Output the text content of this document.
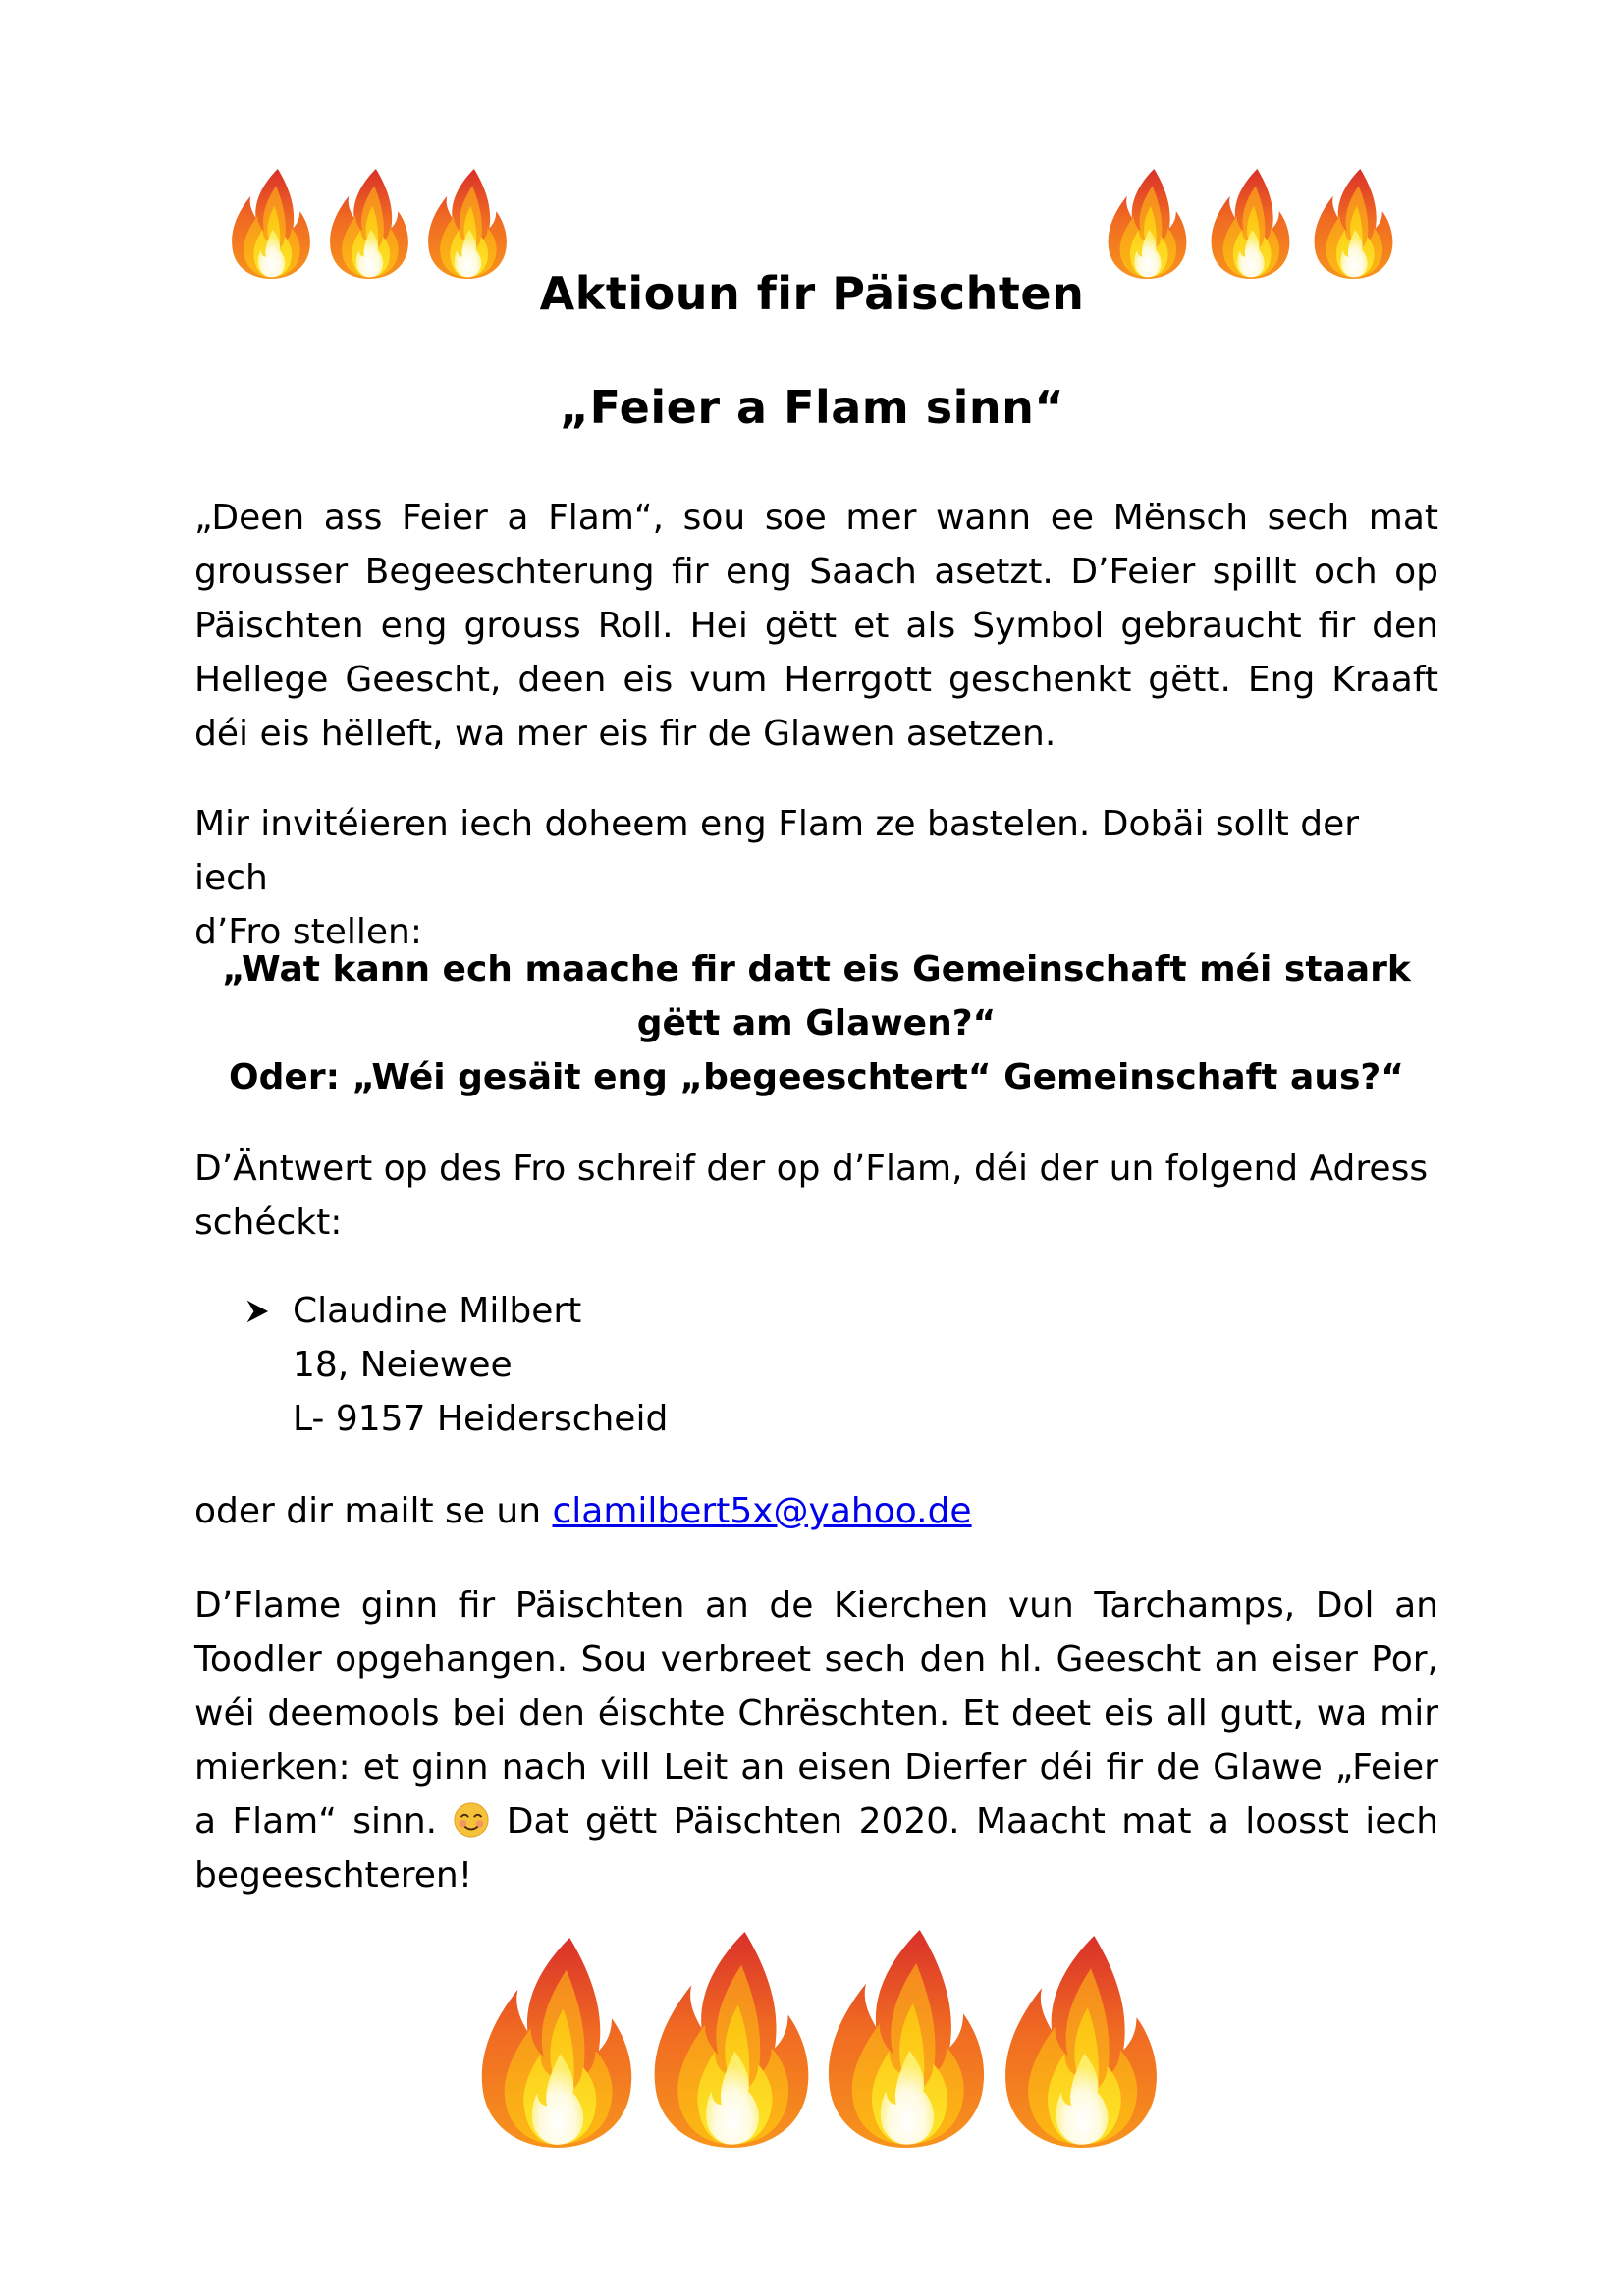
Aktioun fir Päischten
„Feier a Flam sinn“

„Deen ass Feier a Flam“, sou soe mer wann ee Mënsch sech mat

grousser Begeeschterung fir eng Saach asetzt. D’Feier spillt och op

Päischten eng grouss Roll. Hei gëtt et als Symbol gebraucht fir den

Hellege Geescht, deen eis vum Herrgott geschenkt gëtt. Eng Kraaft

déi eis hëlleft, wa mer eis fir de Glawen asetzen.

Mir invitéieren iech doheem eng Flam ze bastelen. Dobäi sollt der iech

d’Fro stellen:

„Wat kann ech maache fir datt eis Gemeinschaft méi staark

gëtt am Glawen?“

Oder: „Wéi gesäit eng „begeeschtert“ Gemeinschaft aus?“

D’Äntwert op des Fro schreif der op d’Flam, déi der un folgend Adress

schéckt:

Claudine Milbert
18, Neiewee
L- 9157 Heiderscheid
oder dir mailt se un clamilbert5x@yahoo.de

D’Flame ginn fir Päischten an de Kierchen vun Tarchamps, Dol an

Toodler opgehangen. Sou verbreet sech den hl. Geescht an eiser Por,

wéi deemools bei den éischte Chrëschten. Et deet eis all gutt, wa mir

mierken: et ginn nach vill Leit an eisen Dierfer déi fir de Glawe „Feier

a Flam“ sinn.  Dat gëtt Päischten 2020. Maacht mat a loosst iech

begeeschteren!
